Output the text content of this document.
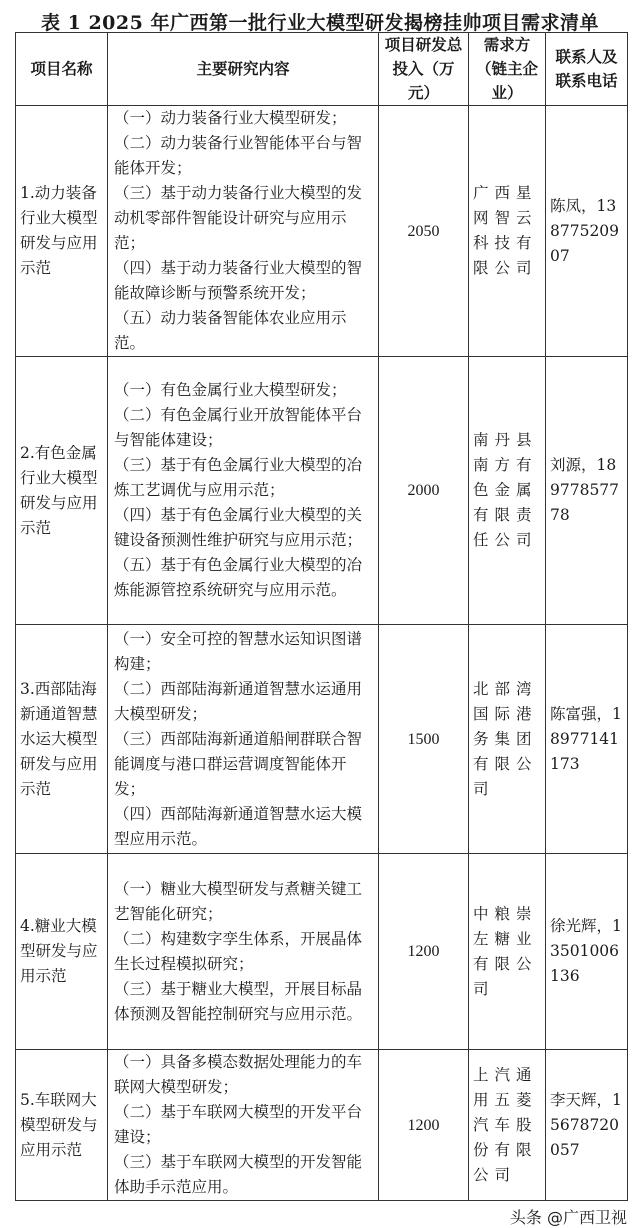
表 1 2025 年广西第一批行业大模型研发揭榜挂帅项目需求清单
项目名称	主要研究内容	项目研发总投入（万元）	需求方（链主企业）	联系人及联系电话
1.动力装备行业大模型研发与应用示范	（一）动力装备行业大模型研发；
（二）动力装备行业智能体平台与智能体开发；
（三）基于动力装备行业大模型的发动机零部件智能设计研究与应用示范；
（四）基于动力装备行业大模型的智能故障诊断与预警系统开发；
（五）动力装备智能体农业应用示范。	2050	广西星网智云科技有限公司	陈凤，13877520907
2.有色金属行业大模型研发与应用示范	（一）有色金属行业大模型研发；
（二）有色金属行业开放智能体平台与智能体建设；
（三）基于有色金属行业大模型的冶炼工艺调优与应用示范；
（四）基于有色金属行业大模型的关键设备预测性维护研究与应用示范；
（五）基于有色金属行业大模型的冶炼能源管控系统研究与应用示范。	2000	南丹县南方有色金属有限责任公司	刘源，18977857778
3.西部陆海新通道智慧水运大模型研发与应用示范	（一）安全可控的智慧水运知识图谱构建；
（二）西部陆海新通道智慧水运通用大模型研发；
（三）西部陆海新通道船闸群联合智能调度与港口群运营调度智能体开发；
（四）西部陆海新通道智慧水运大模型应用示范。	1500	北部湾国际港务集团有限公司	陈富强，18977141173
4.糖业大模型研发与应用示范	（一）糖业大模型研发与煮糖关键工艺智能化研究；
（二）构建数字孪生体系，开展晶体生长过程模拟研究；
（三）基于糖业大模型，开展目标晶体预测及智能控制研究与应用示范。	1200	中粮崇左糖业有限公司	徐光辉，13501006136
5.车联网大模型研发与应用示范	（一）具备多模态数据处理能力的车联网大模型研发；
（二）基于车联网大模型的开发平台建设；
（三）基于车联网大模型的开发智能体助手示范应用。	1200	上汽通用五菱汽车股份有限公司	李天辉，15678720057
头条 @广西卫视
